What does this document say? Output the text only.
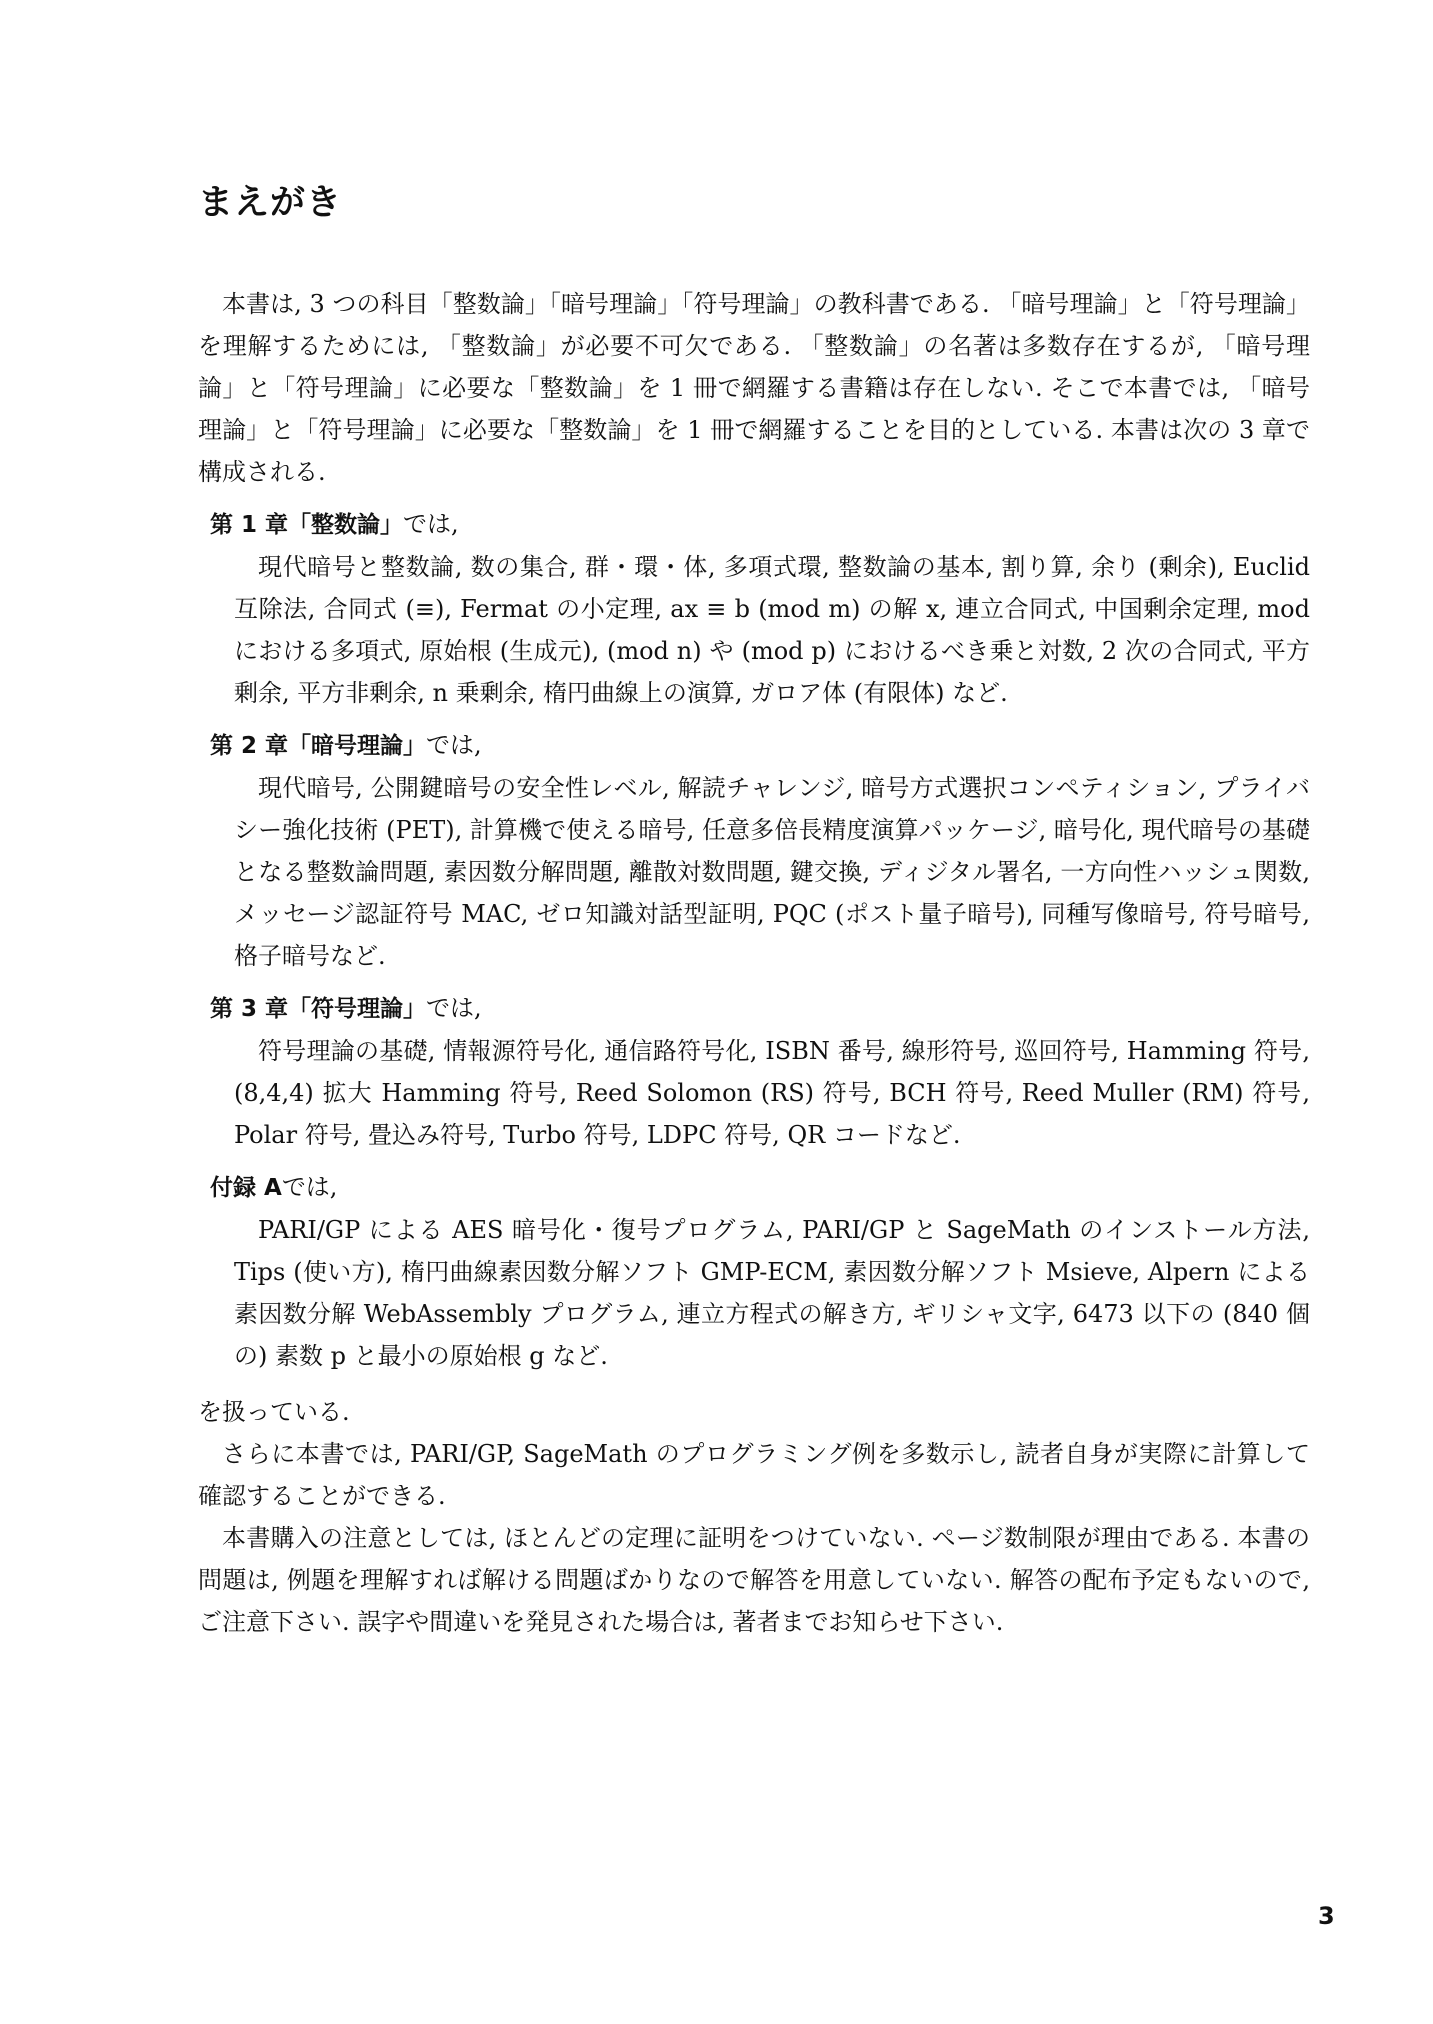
まえがき

本書は, 3 つの科目「整数論」「暗号理論」「符号理論」の教科書である. 「暗号理論」と「符号理論」を理解するためには, 「整数論」が必要不可欠である. 「整数論」の名著は多数存在するが, 「暗号理論」と「符号理論」に必要な「整数論」を 1 冊で網羅する書籍は存在しない. そこで本書では, 「暗号理論」と「符号理論」に必要な「整数論」を 1 冊で網羅することを目的としている. 本書は次の 3 章で構成される.

第 1 章「整数論」では,
現代暗号と整数論, 数の集合, 群・環・体, 多項式環, 整数論の基本, 割り算, 余り (剰余), Euclid 互除法, 合同式 (≡), Fermat の小定理, ax ≡ b (mod m) の解 x, 連立合同式, 中国剰余定理, mod における多項式, 原始根 (生成元), (mod n) や (mod p) におけるべき乗と対数, 2 次の合同式, 平方剰余, 平方非剰余, n 乗剰余, 楕円曲線上の演算, ガロア体 (有限体) など.
第 2 章「暗号理論」では,
現代暗号, 公開鍵暗号の安全性レベル, 解読チャレンジ, 暗号方式選択コンペティション, プライバシー強化技術 (PET), 計算機で使える暗号, 任意多倍長精度演算パッケージ, 暗号化, 現代暗号の基礎となる整数論問題, 素因数分解問題, 離散対数問題, 鍵交換, ディジタル署名, 一方向性ハッシュ関数, メッセージ認証符号 MAC, ゼロ知識対話型証明, PQC (ポスト量子暗号), 同種写像暗号, 符号暗号, 格子暗号など.
第 3 章「符号理論」では,
符号理論の基礎, 情報源符号化, 通信路符号化, ISBN 番号, 線形符号, 巡回符号, Hamming 符号, (8,4,4) 拡大 Hamming 符号, Reed Solomon (RS) 符号, BCH 符号, Reed Muller (RM) 符号, Polar 符号, 畳込み符号, Turbo 符号, LDPC 符号, QR コードなど.
付録 Aでは,
PARI/GP による AES 暗号化・復号プログラム, PARI/GP と SageMath のインストール方法, Tips (使い方), 楕円曲線素因数分解ソフト GMP-ECM, 素因数分解ソフト Msieve, Alpern による素因数分解 WebAssembly プログラム, 連立方程式の解き方, ギリシャ文字, 6473 以下の (840 個の) 素数 p と最小の原始根 g など.

を扱っている.

さらに本書では, PARI/GP, SageMath のプログラミング例を多数示し, 読者自身が実際に計算して確認することができる.

本書購入の注意としては, ほとんどの定理に証明をつけていない. ページ数制限が理由である. 本書の問題は, 例題を理解すれば解ける問題ばかりなので解答を用意していない. 解答の配布予定もないので, ご注意下さい. 誤字や間違いを発見された場合は, 著者までお知らせ下さい.

3
